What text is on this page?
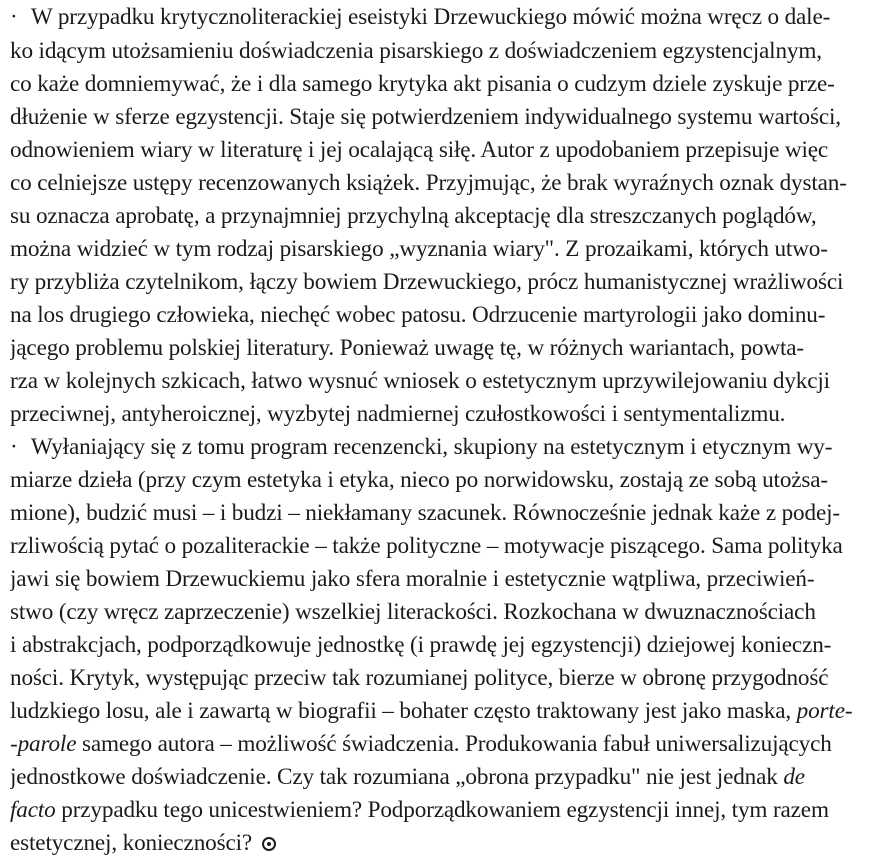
· W przypadku krytycznoliterackiej eseistyki Drzewuckiego mówić można wręcz o dale-
ko idącym utożsamieniu doświadczenia pisarskiego z doświadczeniem egzystencjalnym,
co każe domniemywać, że i dla samego krytyka akt pisania o cudzym dziele zyskuje prze-
dłużenie w sferze egzystencji. Staje się potwierdzeniem indywidualnego systemu wartości,
odnowieniem wiary w literaturę i jej ocalającą siłę. Autor z upodobaniem przepisuje więc
co celniejsze ustępy recenzowanych książek. Przyjmując, że brak wyraźnych oznak dystan-
su oznacza aprobatę, a przynajmniej przychylną akceptację dla streszczanych poglądów,
można widzieć w tym rodzaj pisarskiego „wyznania wiary". Z prozaikami, których utwo-
ry przybliża czytelnikom, łączy bowiem Drzewuckiego, prócz humanistycznej wrażliwości
na los drugiego człowieka, niechęć wobec patosu. Odrzucenie martyrologii jako dominu-
jącego problemu polskiej literatury. Ponieważ uwagę tę, w różnych wariantach, powta-
rza w kolejnych szkicach, łatwo wysnuć wniosek o estetycznym uprzywilejowaniu dykcji
przeciwnej, antyheroicznej, wyzbytej nadmiernej czułostkowości i sentymentalizmu.
· Wyłaniający się z tomu program recenzencki, skupiony na estetycznym i etycznym wy-
miarze dzieła (przy czym estetyka i etyka, nieco po norwidowsku, zostają ze sobą utożsa-
mione), budzić musi – i budzi – niekłamany szacunek. Równocześnie jednak każe z podej-
rzliwością pytać o pozaliterackie – także polityczne – motywacje piszącego. Sama polityka
jawi się bowiem Drzewuckiemu jako sfera moralnie i estetycznie wątpliwa, przeciwień-
stwo (czy wręcz zaprzeczenie) wszelkiej literackości. Rozkochana w dwuznacznościach
i abstrakcjach, podporządkowuje jednostkę (i prawdę jej egzystencji) dziejowej konieczn-
ności. Krytyk, występując przeciw tak rozumianej polityce, bierze w obronę przygodność
ludzkiego losu, ale i zawartą w biografii – bohater często traktowany jest jako maska, porte-
-parole samego autora – możliwość świadczenia. Produkowania fabuł uniwersalizujących
jednostkowe doświadczenie. Czy tak rozumiana „obrona przypadku" nie jest jednak de
facto przypadku tego unicestwieniem? Podporządkowaniem egzystencji innej, tym razem
estetycznej, konieczności?
